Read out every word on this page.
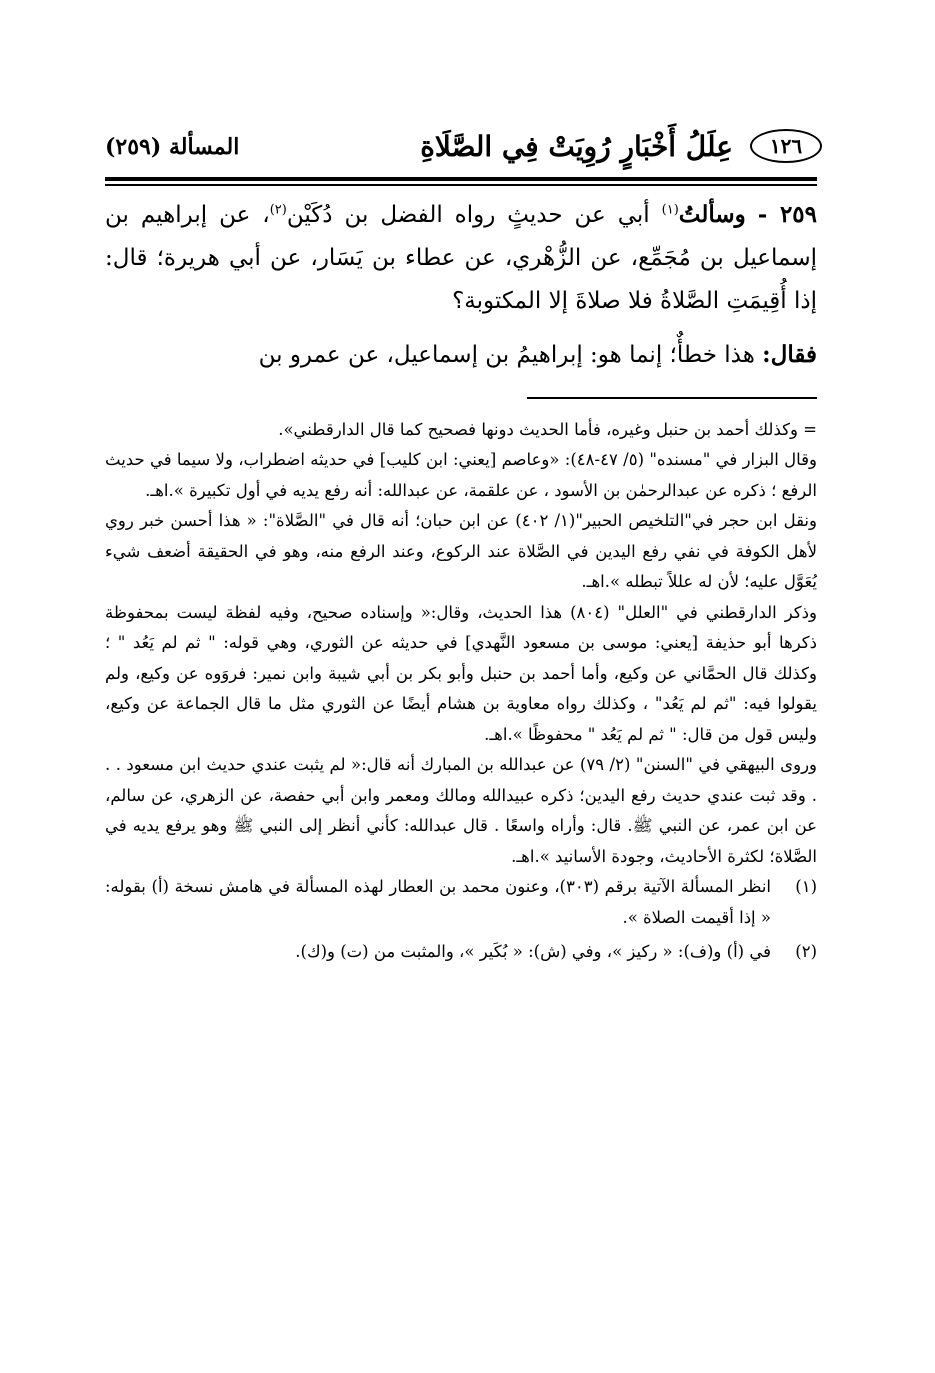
١٢٦
عِلَلُ أَخْبَارٍ رُوِيَتْ فِي الصَّلَاةِ
المسألة (٢٥٩)

٢٥٩ - وسألتُ$^{(١)}$ أبي عن حديثٍ رواه الفضل بن دُكَيْن$^{(٢)}$، عن إبراهيم بن إسماعيل بن مُجَمِّع، عن الزُّهْري، عن عطاء بن يَسَار، عن أبي هريرة؛ قال: إذا أُقِيمَتِ الصَّلاةُ فلا صلاةَ إلا المكتوبة؟

فقال: هذا خطأٌ؛ إنما هو: إبراهيمُ بن إسماعيل، عن عمرو بن

= وكذلك أحمد بن حنبل وغيره، فأما الحديث دونها فصحيح كما قال الدارقطني».

وقال البزار في "مسنده" (٥/ ٤٧-٤٨): «وعاصم [يعني: ابن كليب] في حديثه اضطراب، ولا سيما في حديث الرفع ؛ ذكره عن عبدالرحمٰن بن الأسود ، عن علقمة، عن عبدالله: أنه رفع يديه في أول تكبيرة ».اهـ.

ونقل ابن حجر في"التلخيص الحبير"(١/ ٤٠٢) عن ابن حبان؛ أنه قال في "الصَّلاة": « هذا أحسن خبر روي لأهل الكوفة في نفي رفع اليدين في الصَّلاة عند الركوع، وعند الرفع منه، وهو في الحقيقة أضعف شيء يُعَوَّل عليه؛ لأن له عللاً تبطله ».اهـ.

وذكر الدارقطني في "العلل" (٨٠٤) هذا الحديث، وقال:« وإسناده صحيح، وفيه لفظة ليست بمحفوظة ذكرها أبو حذيفة [يعني: موسى بن مسعود النَّهدي] في حديثه عن الثوري، وهي قوله: " ثم لم يَعُد " ؛ وكذلك قال الحمَّاني عن وكيع، وأما أحمد بن حنبل وأبو بكر بن أبي شيبة وابن نمير: فروَوه عن وكيع، ولم يقولوا فيه: "ثم لم يَعُد" ، وكذلك رواه معاوية بن هشام أيضًا عن الثوري مثل ما قال الجماعة عن وكيع، وليس قول من قال: " ثم لم يَعُد " محفوظًا ».اهـ.

وروى البيهقي في "السنن" (٢/ ٧٩) عن عبدالله بن المبارك أنه قال:« لم يثبت عندي حديث ابن مسعود . . . وقد ثبت عندي حديث رفع اليدين؛ ذكره عبيدالله ومالك ومعمر وابن أبي حفصة، عن الزهري، عن سالم، عن ابن عمر، عن النبي ﷺ. قال: وأراه واسعًا . قال عبدالله: كأني أنظر إلى النبي ﷺ وهو يرفع يديه في الصَّلاة؛ لكثرة الأحاديث، وجودة الأسانيد ».اهـ.

(١)
انظر المسألة الآتية برقم (٣٠٣)، وعنون محمد بن العطار لهذه المسألة في هامش نسخة (أ) بقوله: « إذا أقيمت الصلاة ».
(٢)
في (أ) و(ف): « ركيز »، وفي (ش): « بُكَير »، والمثبت من (ت) و(ك).
